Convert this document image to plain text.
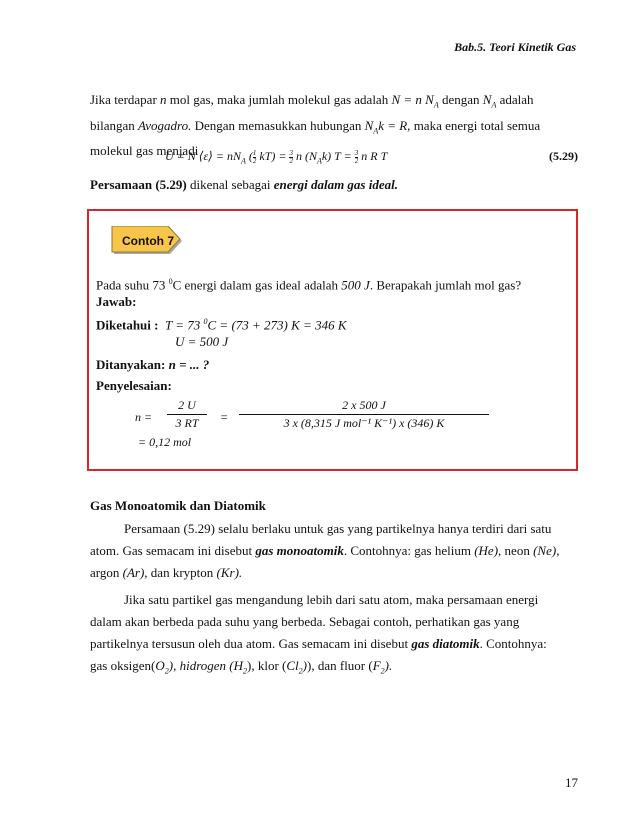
Bab.5. Teori Kinetik Gas
Jika terdapar n mol gas, maka jumlah molekul gas adalah N = n $N_A$ dengan $N_A$ adalah
bilangan Avogadro. Dengan memasukkan hubungan $N_Ak = R$, maka energi total semua
molekul gas menjadi
U = N ⟨ε⟩ = $nN_A$ ( $\frac{1}{2} kT) = \frac{3}{2}$ n $(N_Ak) T = \frac{3}{2}$ n R T	(5.29)
Persamaan (5.29) dikenal sebagai energi dalam gas ideal.
Contoh 7
Pada suhu 73 $^0$C energi dalam gas ideal adalah 500 J. Berapakah jumlah mol gas?
Jawab:
Diketahui : T = 73 $^0$C = (73 + 273) K = 346 K
U = 500 J
Ditanyakan: n = ... ?
Penyelesaian:
$n = \frac{2 U}{3 RT}$ =
2 x 500 J
3 x (8,315 J mol⁻¹ K⁻¹) x (346) K
= 0,12 mol
Gas Monoatomik dan Diatomik
Persamaan (5.29) selalu berlaku untuk gas yang partikelnya hanya terdiri dari satu
atom. Gas semacam ini disebut gas monoatomik. Contohnya: gas helium (He), neon (Ne),
argon (Ar), dan krypton (Kr).
Jika satu partikel gas mengandung lebih dari satu atom, maka persamaan energi
dalam akan berbeda pada suhu yang berbeda. Sebagai contoh, perhatikan gas yang
partikelnya tersusun oleh dua atom. Gas semacam ini disebut gas diatomik. Contohnya:
gas $oksigen(O_2)$, hidrogen $(H_2)$, klor $(Cl_2)$), dan fluor $(F_2)$.
17
